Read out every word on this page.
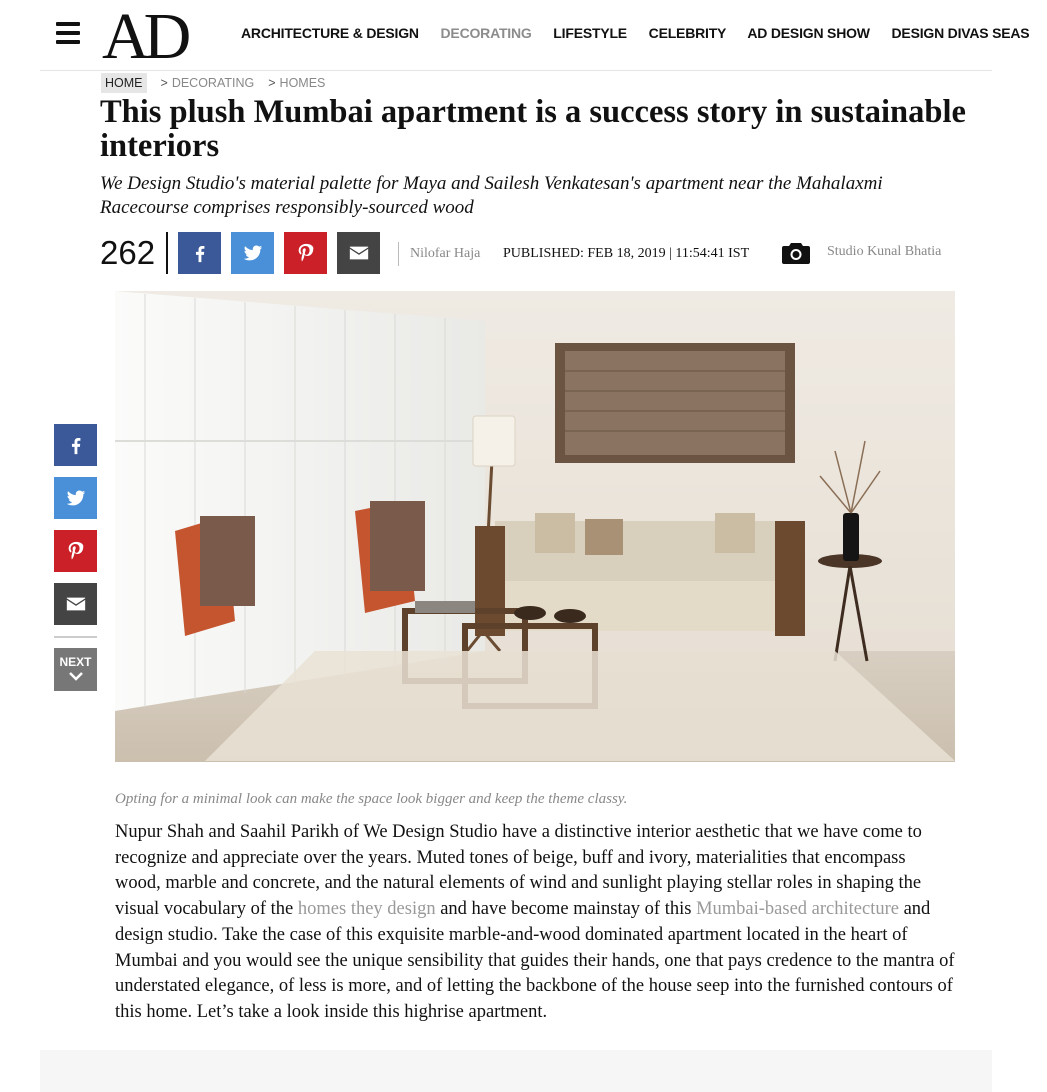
AD	ARCHITECTURE & DESIGN DECORATING LIFESTYLE CELEBRITY AD DESIGN SHOW DESIGN DIVAS SEAS
HOME	> DECORATING > HOMES
This plush Mumbai apartment is a success story in sustainable interiors

We Design Studio's material palette for Maya and Sailesh Venkatesan's apartment near the Mahalaxmi Racecourse comprises responsibly-sourced wood

262	Nilofar Haja PUBLISHED: FEB 18, 2019 | 11:54:41 IST	Studio Kunal Bhatia

Opting for a minimal look can make the space look bigger and keep the theme classy.

Nupur Shah and Saahil Parikh of We Design Studio have a distinctive interior aesthetic that we have come to recognize and appreciate over the years. Muted tones of beige, buff and ivory, materialities that encompass wood, marble and concrete, and the natural elements of wind and sunlight playing stellar roles in shaping the visual vocabulary of the homes they design and have become mainstay of this Mumbai-based architecture and design studio. Take the case of this exquisite marble-and-wood dominated apartment located in the heart of Mumbai and you would see the unique sensibility that guides their hands, one that pays credence to the mantra of understated elegance, of less is more, and of letting the backbone of the house seep into the furnished contours of this home. Let’s take a look inside this highrise apartment.

NEXT
